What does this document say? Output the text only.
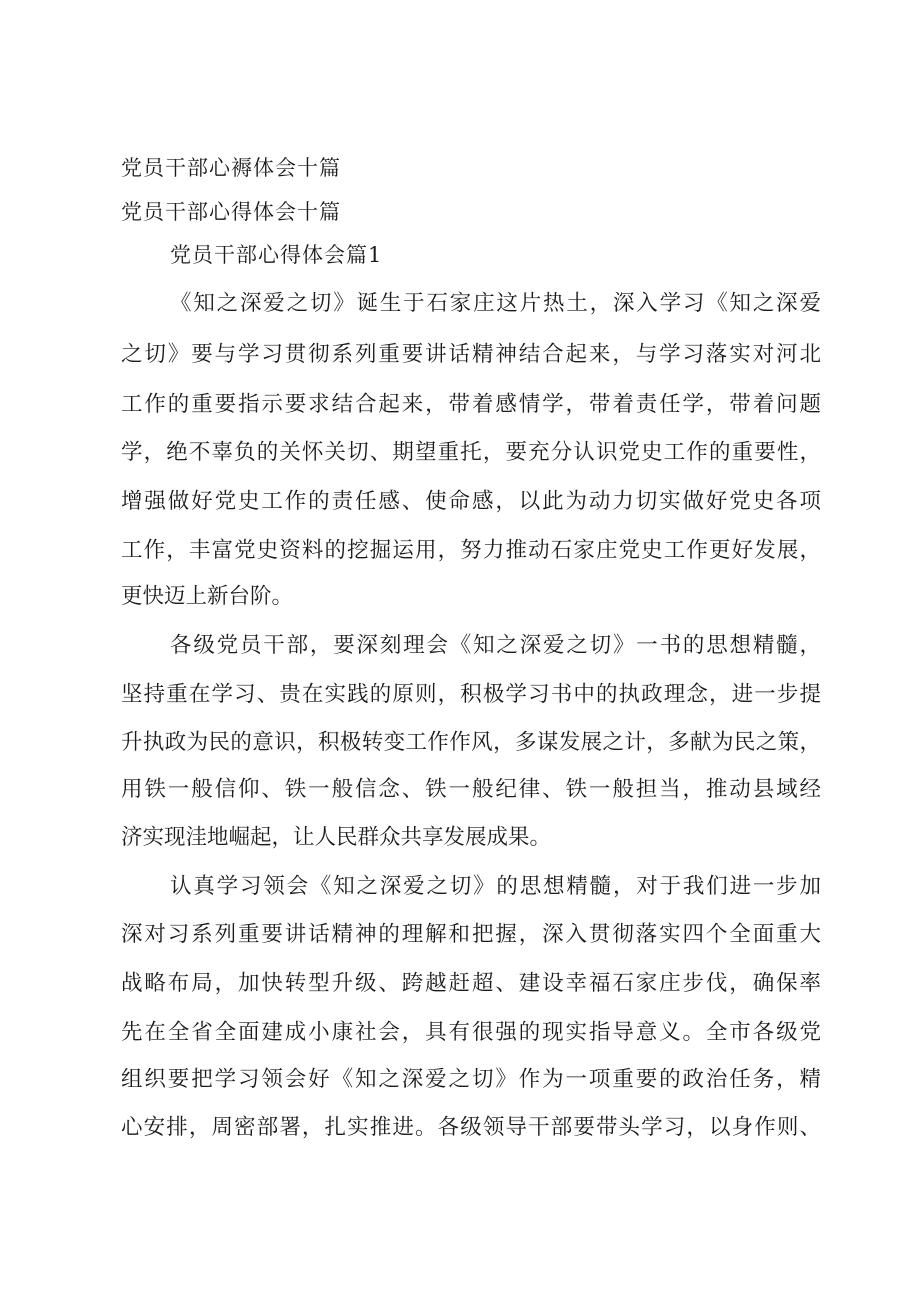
党员干部心褥体会十篇
党员干部心得体会十篇
党员干部心得体会篇1
《知之深爱之切》诞生于石家庄这片热土，深入学习《知之深爱
之切》要与学习贯彻系列重要讲话精神结合起来，与学习落实对河北
工作的重要指示要求结合起来，带着感情学，带着责任学，带着问题
学，绝不辜负的关怀关切、期望重托，要充分认识党史工作的重要性，
增强做好党史工作的责任感、使命感，以此为动力切实做好党史各项
工作，丰富党史资料的挖掘运用，努力推动石家庄党史工作更好发展，
更快迈上新台阶。
各级党员干部，要深刻理会《知之深爱之切》一书的思想精髓，
坚持重在学习、贵在实践的原则，积极学习书中的执政理念，进一步提
升执政为民的意识，积极转变工作作风，多谋发展之计，多献为民之策，
用铁一般信仰、铁一般信念、铁一般纪律、铁一般担当，推动县域经
济实现洼地崛起，让人民群众共享发展成果。
认真学习领会《知之深爱之切》的思想精髓，对于我们进一步加
深对习系列重要讲话精神的理解和把握，深入贯彻落实四个全面重大
战略布局，加快转型升级、跨越赶超、建设幸福石家庄步伐，确保率
先在全省全面建成小康社会，具有很强的现实指导意义。全市各级党
组织要把学习领会好《知之深爱之切》作为一项重要的政治任务，精
心安排，周密部署，扎实推进。各级领导干部要带头学习，以身作则、
